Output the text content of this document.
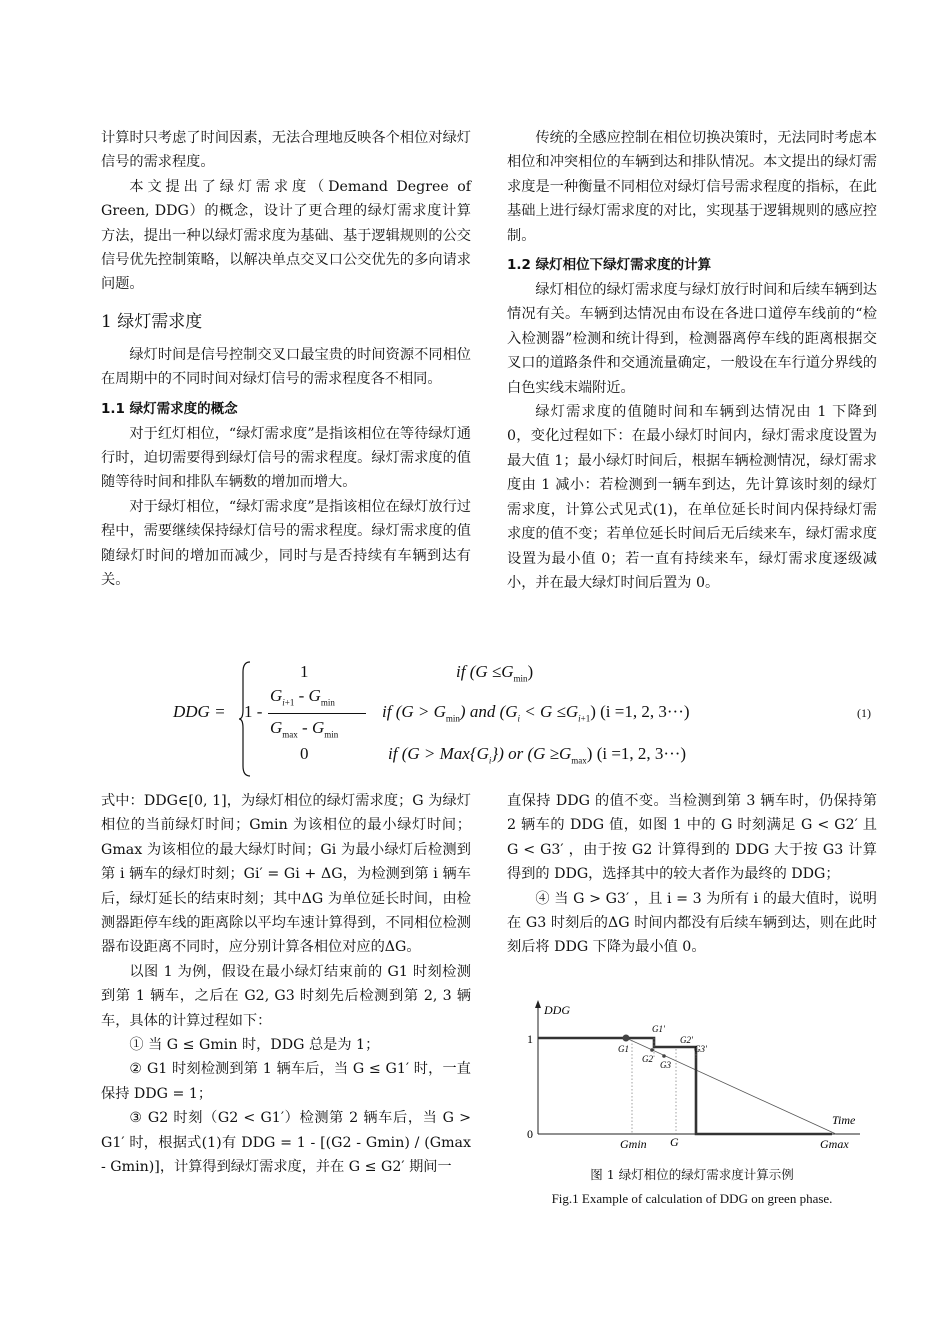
计算时只考虑了时间因素，无法合理地反映各个相位对绿灯信号的需求程度。

本文提出了绿灯需求度（Demand Degree of Green, DDG）的概念，设计了更合理的绿灯需求度计算方法，提出一种以绿灯需求度为基础、基于逻辑规则的公交信号优先控制策略，以解决单点交叉口公交优先的多向请求问题。

1 绿灯需求度

绿灯时间是信号控制交叉口最宝贵的时间资源不同相位在周期中的不同时间对绿灯信号的需求程度各不相同。

1.1 绿灯需求度的概念

对于红灯相位，“绿灯需求度”是指该相位在等待绿灯通行时，迫切需要得到绿灯信号的需求程度。绿灯需求度的值随等待时间和排队车辆数的增加而增大。

对于绿灯相位，“绿灯需求度”是指该相位在绿灯放行过程中，需要继续保持绿灯信号的需求程度。绿灯需求度的值随绿灯时间的增加而减少，同时与是否持续有车辆到达有关。

传统的全感应控制在相位切换决策时，无法同时考虑本相位和冲突相位的车辆到达和排队情况。本文提出的绿灯需求度是一种衡量不同相位对绿灯信号需求程度的指标，在此基础上进行绿灯需求度的对比，实现基于逻辑规则的感应控制。

1.2 绿灯相位下绿灯需求度的计算

绿灯相位的绿灯需求度与绿灯放行时间和后续车辆到达情况有关。车辆到达情况由布设在各进口道停车线前的“检入检测器”检测和统计得到，检测器离停车线的距离根据交叉口的道路条件和交通流量确定，一般设在车行道分界线的白色实线末端附近。

绿灯需求度的值随时间和车辆到达情况由 1 下降到 0，变化过程如下：在最小绿灯时间内，绿灯需求度设置为最大值 1；最小绿灯时间后，根据车辆检测情况，绿灯需求度由 1 减小：若检测到一辆车到达，先计算该时刻的绿灯需求度，计算公式见式(1)，在单位延长时间内保持绿灯需求度的值不变；若单位延长时间后无后续来车，绿灯需求度设置为最小值 0；若一直有持续来车，绿灯需求度逐级减小，并在最大绿灯时间后置为 0。

DDG =
1	if $(G \le G_{min})$
1 -
$G_{i+1} - G_{min}$
$G_{max} - G_{min}$
if $(G > G_{min})$ and $(G_i < G \le G_{i+1})$ (i =1, 2, 3···)
0	if $(G > Max\{G_i\})$ or $(G \ge G_{max})$ (i =1, 2, 3···)
(1)

式中：DDG∈[0, 1]，为绿灯相位的绿灯需求度；G 为绿灯相位的当前绿灯时间；Gmin 为该相位的最小绿灯时间；Gmax 为该相位的最大绿灯时间；Gi 为最小绿灯后检测到第 i 辆车的绿灯时刻；Gi′ = Gi + ΔG，为检测到第 i 辆车后，绿灯延长的结束时刻；其中ΔG 为单位延长时间，由检测器距停车线的距离除以平均车速计算得到，不同相位检测器布设距离不同时，应分别计算各相位对应的ΔG。

以图 1 为例，假设在最小绿灯结束前的 G1 时刻检测到第 1 辆车，之后在 G2, G3 时刻先后检测到第 2, 3 辆车，具体的计算过程如下：

① 当 G ≤ Gmin 时，DDG 总是为 1；

② G1 时刻检测到第 1 辆车后，当 G ≤ G1′ 时，一直保持 DDG = 1；

③ G2 时刻（G2 < G1′）检测第 2 辆车后，当 G > G1′ 时，根据式(1)有 DDG = 1 - [(G2 - Gmin) / (Gmax - Gmin)]，计算得到绿灯需求度，并在 G ≤ G2′ 期间一

直保持 DDG 的值不变。当检测到第 3 辆车时，仍保持第 2 辆车的 DDG 值，如图 1 中的 G 时刻满足 G < G2′ 且 G < G3′ ，由于按 G2 计算得到的 DDG 大于按 G3 计算得到的 DDG，选择其中的较大者作为最终的 DDG；

④ 当 G > G3′ ，且 i = 3 为所有 i 的最大值时，说明在 G3 时刻后的ΔG 时间内都没有后续车辆到达，则在此时刻后将 DDG 下降为最小值 0。

DDG
1
0
Time
G1
G1'
G2
G2'
G3
G3'
Gmin G	Gmax
图 1 绿灯相位的绿灯需求度计算示例
Fig.1 Example of calculation of DDG on green phase.
